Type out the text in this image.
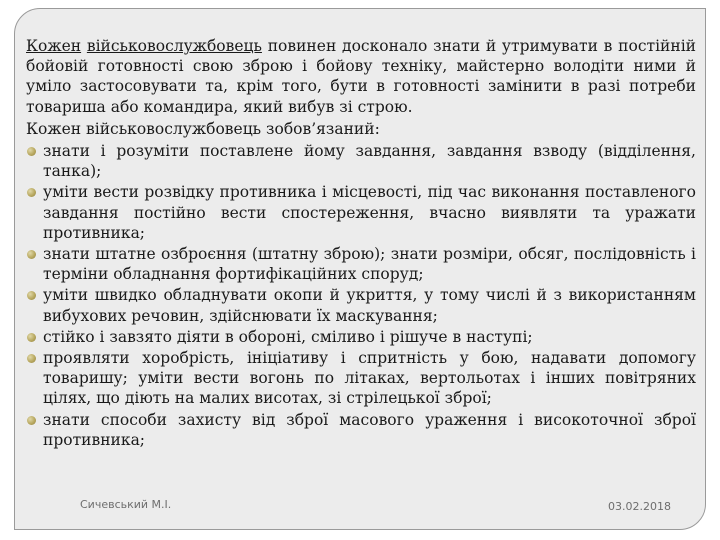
Кожен військовослужбовець повинен досконало знати й утримувати в постійній бойовій готовності свою зброю і бойову техніку, майстерно володіти ними й уміло застосовувати та, крім того, бути в готовності замінити в разі потреби товариша або командира, який вибув зі строю.

Кожен військовослужбовець зобов’язаний:

знати і розуміти поставлене йому завдання, завдання взводу (відділення, танка);
уміти вести розвідку противника і місцевості, під час виконання поставленого завдання постійно вести спостереження, вчасно виявляти та уражати противника;
знати штатне озброєння (штатну зброю); знати розміри, обсяг, послідовність і терміни обладнання фортифікаційних споруд;
уміти швидко обладнувати окопи й укриття, у тому числі й з використанням вибухових речовин, здійснювати їх маскування;
стійко і завзято діяти в обороні, сміливо і рішуче в наступі;
проявляти хоробрість, ініціативу і спритність у бою, надавати допомогу товаришу; уміти вести вогонь по літаках, вертольотах і інших повітряних цілях, що діють на малих висотах, зі стрілецької зброї;
знати способи захисту від зброї масового ураження і високоточної зброї противника;
Сичевський М.І.	03.02.2018
